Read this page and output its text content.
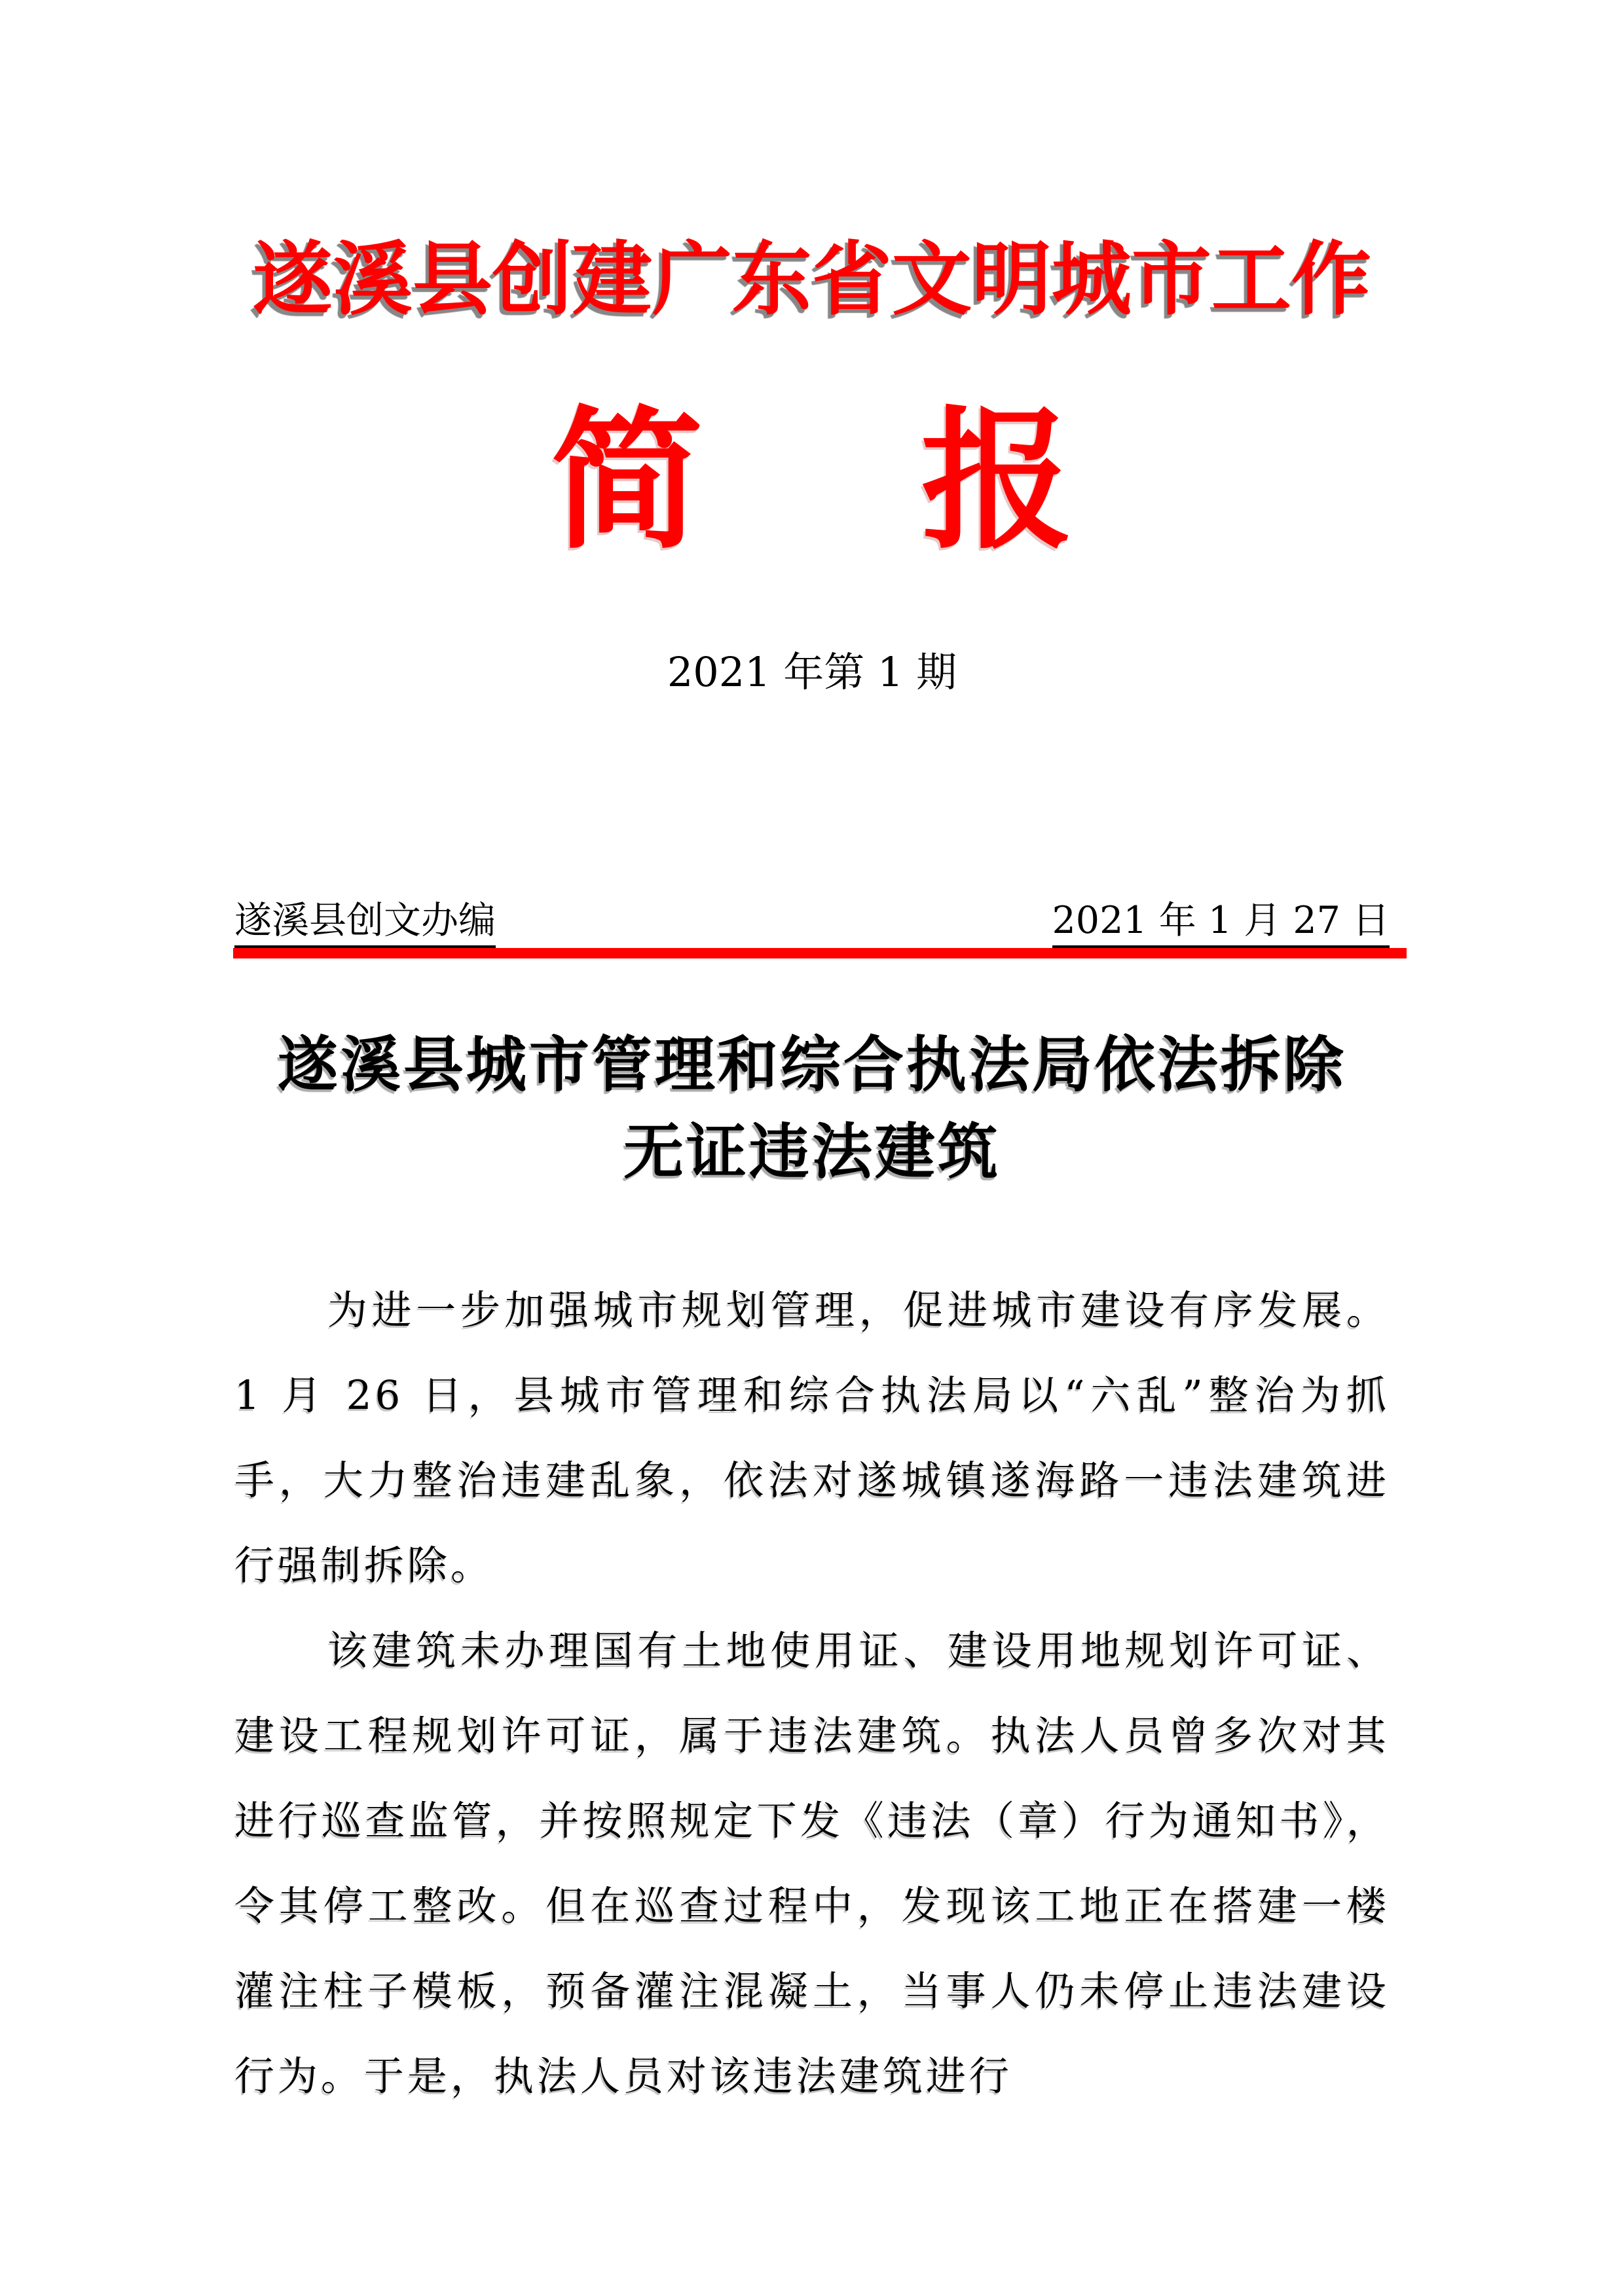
遂溪县创建广东省文明城市工作
简报
2021 年第 1 期
遂溪县创文办编	2021 年 1 月 27 日
遂溪县城市管理和综合执法局依法拆除
无证违法建筑

为进一步加强城市规划管理，促进城市建设有序发展。1 月 26 日，县城市管理和综合执法局以“六乱”整治为抓手，大力整治违建乱象，依法对遂城镇遂海路一违法建筑进行强制拆除。

该建筑未办理国有土地使用证、建设用地规划许可证、建设工程规划许可证，属于违法建筑。执法人员曾多次对其进行巡查监管，并按照规定下发《违法（章）行为通知书》，令其停工整改。但在巡查过程中，发现该工地正在搭建一楼灌注柱子模板，预备灌注混凝土，当事人仍未停止违法建设行为。于是，执法人员对该违法建筑进行
